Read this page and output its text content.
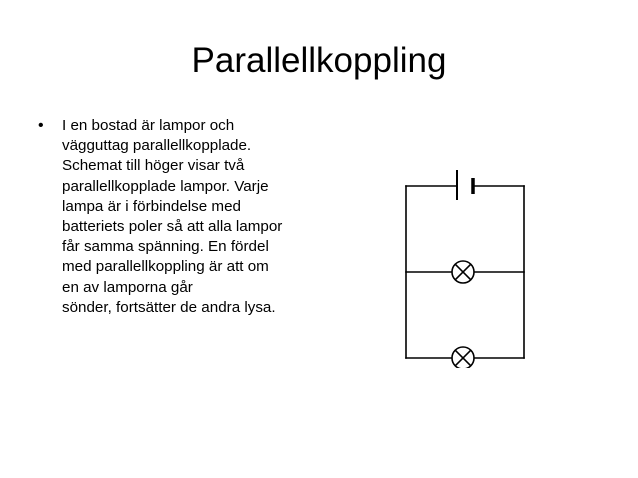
Parallellkoppling
• I en bostad är lampor och
vägguttag parallellkopplade.
Schemat till höger visar två
parallellkopplade lampor. Varje
lampa är i förbindelse med
batteriets poler så att alla lampor
får samma spänning. En fördel
med parallellkoppling är att om
en av lamporna går
sönder, fortsätter de andra lysa.
